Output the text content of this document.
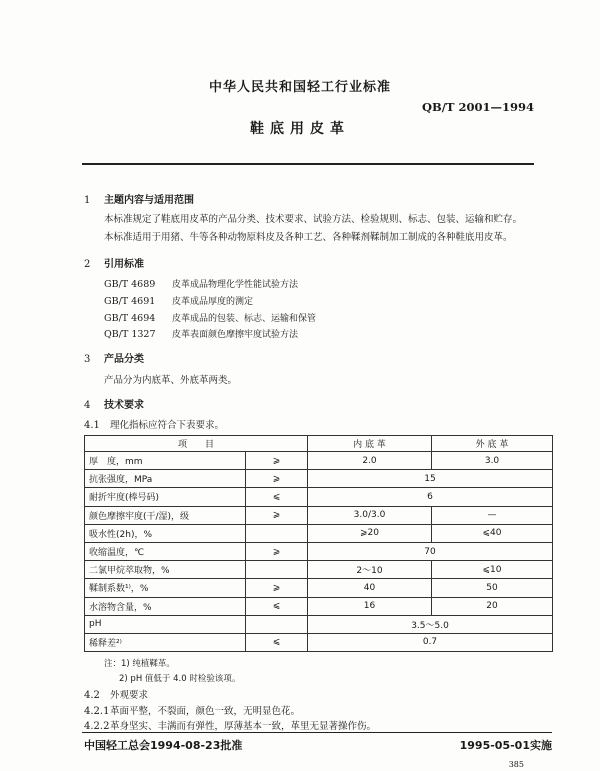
中华人民共和国轻工行业标准
QB/T 2001—1994
鞋底用皮革
1 主题内容与适用范围
本标准规定了鞋底用皮革的产品分类、技术要求、试验方法、检验规则、标志、包装、运输和贮存。
本标准适用于用猪、牛等各种动物原料皮及各种工艺、各种鞣剂鞣制加工制成的各种鞋底用皮革。
2 引用标准
GB/T 4689 皮革成品物理化学性能试验方法
GB/T 4691 皮革成品厚度的测定
GB/T 4694 皮革成品的包装、标志、运输和保管
QB/T 1327 皮革表面颜色摩擦牢度试验方法
3 产品分类
产品分为内底革、外底革两类。
4 技术要求
4.1 理化指标应符合下表要求。
项　　目		内 底 革	外 底 革
厚　度，mm	⩾	2.0	3.0
抗张强度，MPa	⩾	15	
耐折牢度(棒号码)	⩽	6	
颜色摩擦牢度(干/湿)，级	⩾	3.0/3.0	—
吸水性(2h)，%		⩾20	⩽40
收缩温度，℃	⩾	70	
二氯甲烷萃取物，%		2～10	⩽10
鞣制系数¹⁾，%	⩾	40	50
水溶物含量，%	⩽	16	20
pH		3.5～5.0	
稀释差²⁾	⩽	0.7	
注：1) 纯植鞣革。
2) pH 值低于 4.0 时检验该项。
4.2 外观要求
4.2.1革面平整，不裂面，颜色一致，无明显色花。
4.2.2革身坚实、丰满而有弹性，厚薄基本一致，革里无显著操作伤。
中国轻工总会1994-08-23批准	1995-05-01实施
385
